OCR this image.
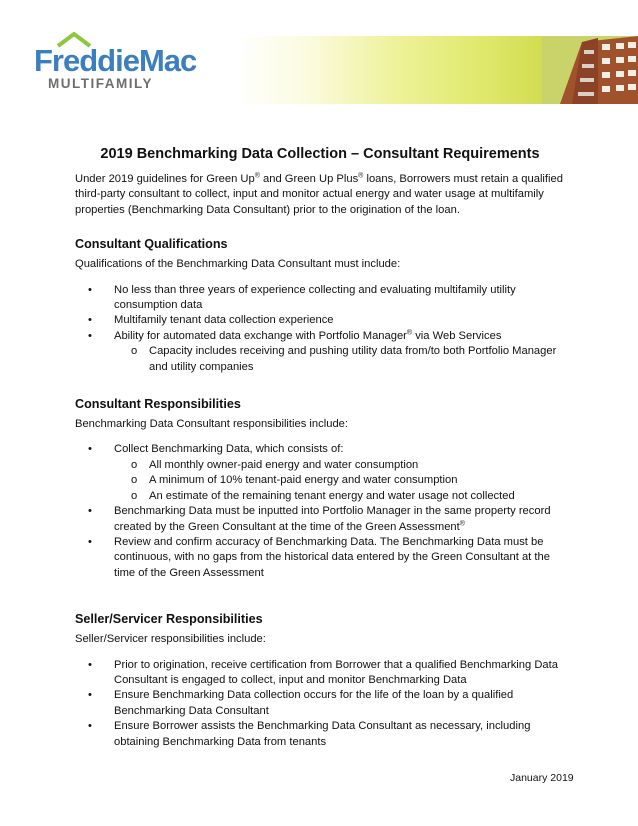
FreddieMac
MULTIFAMILY
2019 Benchmarking Data Collection – Consultant Requirements

Under 2019 guidelines for Green Up® and Green Up Plus® loans, Borrowers must retain a qualified third-party consultant to collect, input and monitor actual energy and water usage at multifamily properties (Benchmarking Data Consultant) prior to the origination of the loan.

Consultant Qualifications

Qualifications of the Benchmarking Data Consultant must include:

• No less than three years of experience collecting and evaluating multifamily utility consumption data
• Multifamily tenant data collection experience
• Ability for automated data exchange with Portfolio Manager® via Web Services
o Capacity includes receiving and pushing utility data from/to both Portfolio Manager and utility companies
Consultant Responsibilities

Benchmarking Data Consultant responsibilities include:

• Collect Benchmarking Data, which consists of:
o All monthly owner-paid energy and water consumption
o A minimum of 10% tenant-paid energy and water consumption
o An estimate of the remaining tenant energy and water usage not collected
• Benchmarking Data must be inputted into Portfolio Manager in the same property record created by the Green Consultant at the time of the Green Assessment®
• Review and confirm accuracy of Benchmarking Data. The Benchmarking Data must be continuous, with no gaps from the historical data entered by the Green Consultant at the time of the Green Assessment
Seller/Servicer Responsibilities

Seller/Servicer responsibilities include:

• Prior to origination, receive certification from Borrower that a qualified Benchmarking Data Consultant is engaged to collect, input and monitor Benchmarking Data
• Ensure Benchmarking Data collection occurs for the life of the loan by a qualified Benchmarking Data Consultant
• Ensure Borrower assists the Benchmarking Data Consultant as necessary, including obtaining Benchmarking Data from tenants
January 2019
